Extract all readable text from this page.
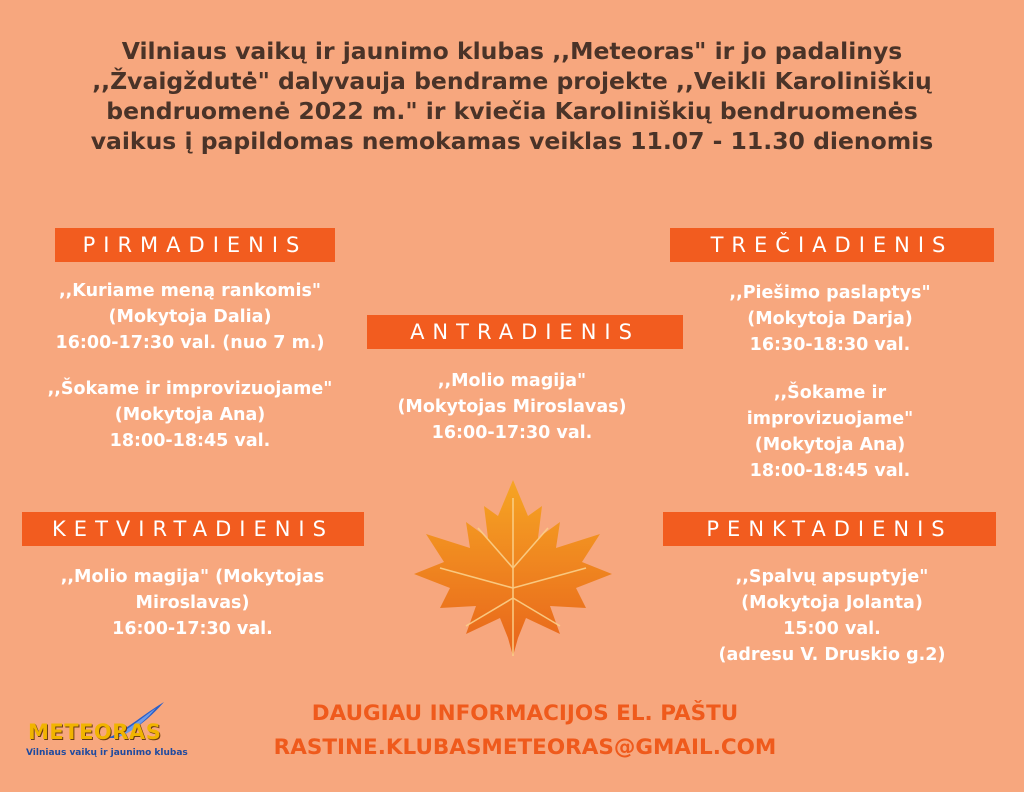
Vilniaus vaikų ir jaunimo klubas ,,Meteoras" ir jo padalinys
,,Žvaigždutė" dalyvauja bendrame projekte ,,Veikli Karoliniškių
bendruomenė 2022 m." ir kviečia Karoliniškių bendruomenės
vaikus į papildomas nemokamas veiklas 11.07 - 11.30 dienomis
PIRMADIENIS
,,Kuriame meną rankomis"
(Mokytoja Dalia)
16:00-17:30 val. (nuo 7 m.)
,,Šokame ir improvizuojame"
(Mokytoja Ana)
18:00-18:45 val.
ANTRADIENIS
,,Molio magija"
(Mokytojas Miroslavas)
16:00-17:30 val.
TREČIADIENIS
,,Piešimo paslaptys"
(Mokytoja Darja)
16:30-18:30 val.
,,Šokame ir
improvizuojame"
(Mokytoja Ana)
18:00-18:45 val.
KETVIRTADIENIS
,,Molio magija" (Mokytojas
Miroslavas)
16:00-17:30 val.
PENKTADIENIS
,,Spalvų apsuptyje"
(Mokytoja Jolanta)
15:00 val.
(adresu V. Druskio g.2)
DAUGIAU INFORMACIJOS EL. PAŠTU
RASTINE.KLUBASMETEORAS@GMAIL.COM
METEORAS
Vilniaus vaikų ir jaunimo klubas
